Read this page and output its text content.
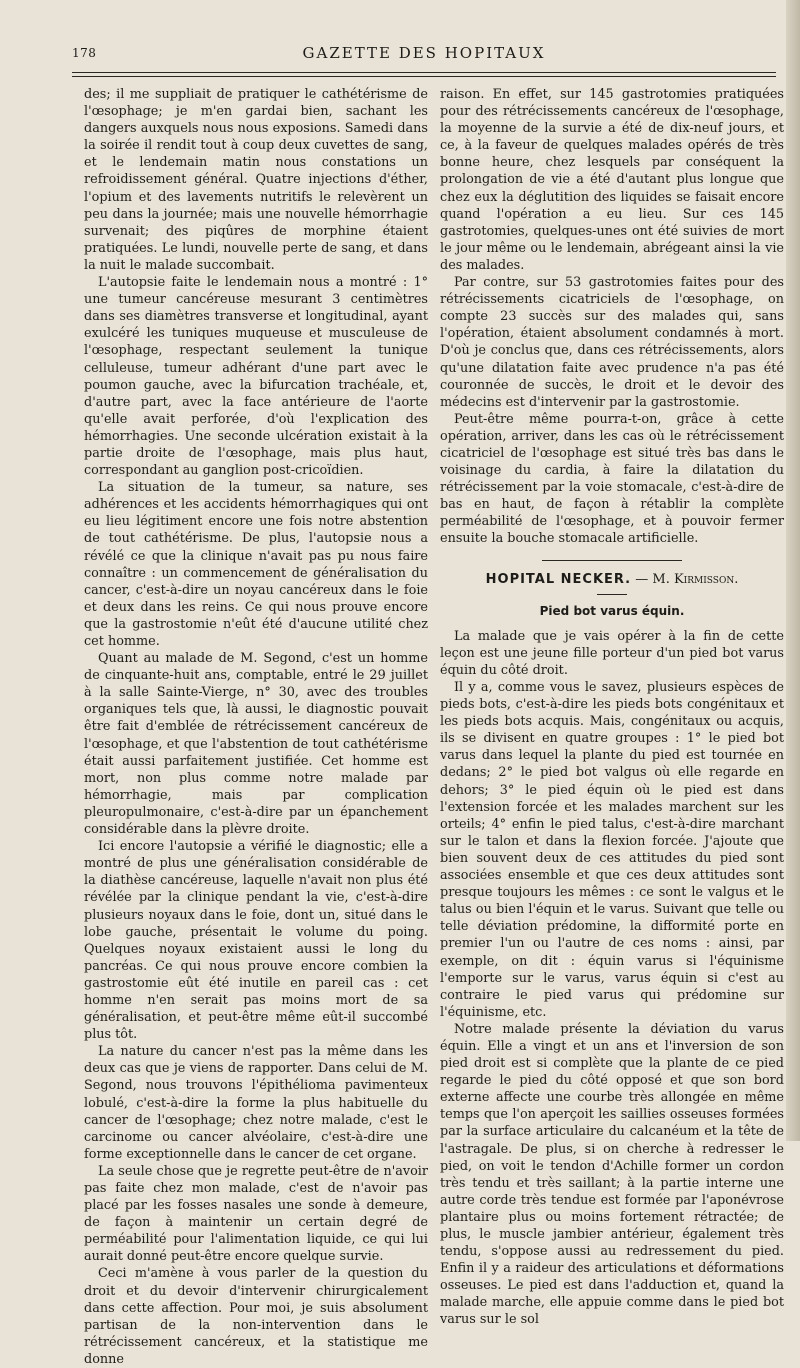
178	GAZETTE DES HOPITAUX

des; il me suppliait de pratiquer le cathétérisme de l'œsophage; je m'en gardai bien, sachant les dangers auxquels nous nous exposions. Samedi dans la soirée il rendit tout à coup deux cuvettes de sang, et le lendemain matin nous constations un refroidissement général. Quatre injections d'éther, l'opium et des lavements nutritifs le relevèrent un peu dans la journée; mais une nouvelle hémorrhagie survenait; des piqûres de morphine étaient pratiquées. Le lundi, nouvelle perte de sang, et dans la nuit le malade succombait.

L'autopsie faite le lendemain nous a montré : 1° une tumeur cancéreuse mesurant 3 centimètres dans ses diamètres transverse et longitudinal, ayant exulcéré les tuniques muqueuse et musculeuse de l'œsophage, respectant seulement la tunique celluleuse, tumeur adhérant d'une part avec le poumon gauche, avec la bifurcation trachéale, et, d'autre part, avec la face antérieure de l'aorte qu'elle avait perforée, d'où l'explication des hémorrhagies. Une seconde ulcération existait à la partie droite de l'œsophage, mais plus haut, correspondant au ganglion post-cricoïdien.

La situation de la tumeur, sa nature, ses adhérences et les accidents hémorrhagiques qui ont eu lieu légitiment encore une fois notre abstention de tout cathétérisme. De plus, l'autopsie nous a révélé ce que la clinique n'avait pas pu nous faire connaître : un commencement de généralisation du cancer, c'est-à-dire un noyau cancéreux dans le foie et deux dans les reins. Ce qui nous prouve encore que la gastrostomie n'eût été d'aucune utilité chez cet homme.

Quant au malade de M. Segond, c'est un homme de cinquante-huit ans, comptable, entré le 29 juillet à la salle Sainte-Vierge, n° 30, avec des troubles organiques tels que, là aussi, le diagnostic pouvait être fait d'emblée de rétrécissement cancéreux de l'œsophage, et que l'abstention de tout cathétérisme était aussi parfaitement justifiée. Cet homme est mort, non plus comme notre malade par hémorrhagie, mais par complication pleuropulmonaire, c'est-à-dire par un épanchement considérable dans la plèvre droite.

Ici encore l'autopsie a vérifié le diagnostic; elle a montré de plus une généralisation considérable de la diathèse cancéreuse, laquelle n'avait non plus été révélée par la clinique pendant la vie, c'est-à-dire plusieurs noyaux dans le foie, dont un, situé dans le lobe gauche, présentait le volume du poing. Quelques noyaux existaient aussi le long du pancréas. Ce qui nous prouve encore combien la gastrostomie eût été inutile en pareil cas : cet homme n'en serait pas moins mort de sa généralisation, et peut-être même eût-il succombé plus tôt.

La nature du cancer n'est pas la même dans les deux cas que je viens de rapporter. Dans celui de M. Segond, nous trouvons l'épithélioma pavimenteux lobulé, c'est-à-dire la forme la plus habituelle du cancer de l'œsophage; chez notre malade, c'est le carcinome ou cancer alvéolaire, c'est-à-dire une forme exceptionnelle dans le cancer de cet organe.

La seule chose que je regrette peut-être de n'avoir pas faite chez mon malade, c'est de n'avoir pas placé par les fosses nasales une sonde à demeure, de façon à maintenir un certain degré de perméabilité pour l'alimentation liquide, ce qui lui aurait donné peut-être encore quelque survie.

Ceci m'amène à vous parler de la question du droit et du devoir d'intervenir chirurgicalement dans cette affection. Pour moi, je suis absolument partisan de la non-intervention dans le rétrécissement cancéreux, et la statistique me donne

raison. En effet, sur 145 gastrotomies pratiquées pour des rétrécissements cancéreux de l'œsophage, la moyenne de la survie a été de dix-neuf jours, et ce, à la faveur de quelques malades opérés de très bonne heure, chez lesquels par conséquent la prolongation de vie a été d'autant plus longue que chez eux la déglutition des liquides se faisait encore quand l'opération a eu lieu. Sur ces 145 gastrotomies, quelques-unes ont été suivies de mort le jour même ou le lendemain, abrégeant ainsi la vie des malades.

Par contre, sur 53 gastrotomies faites pour des rétrécissements cicatriciels de l'œsophage, on compte 23 succès sur des malades qui, sans l'opération, étaient absolument condamnés à mort. D'où je conclus que, dans ces rétrécissements, alors qu'une dilatation faite avec prudence n'a pas été couronnée de succès, le droit et le devoir des médecins est d'intervenir par la gastrostomie.

Peut-être même pourra-t-on, grâce à cette opération, arriver, dans les cas où le rétrécissement cicatriciel de l'œsophage est situé très bas dans le voisinage du cardia, à faire la dilatation du rétrécissement par la voie stomacale, c'est-à-dire de bas en haut, de façon à rétablir la complète perméabilité de l'œsophage, et à pouvoir fermer ensuite la bouche stomacale artificielle.

HOPITAL NECKER. — M. Kirmisson.
Pied bot varus équin.

La malade que je vais opérer à la fin de cette leçon est une jeune fille porteur d'un pied bot varus équin du côté droit.

Il y a, comme vous le savez, plusieurs espèces de pieds bots, c'est-à-dire les pieds bots congénitaux et les pieds bots acquis. Mais, congénitaux ou acquis, ils se divisent en quatre groupes : 1° le pied bot varus dans lequel la plante du pied est tournée en dedans; 2° le pied bot valgus où elle regarde en dehors; 3° le pied équin où le pied est dans l'extension forcée et les malades marchent sur les orteils; 4° enfin le pied talus, c'est-à-dire marchant sur le talon et dans la flexion forcée. J'ajoute que bien souvent deux de ces attitudes du pied sont associées ensemble et que ces deux attitudes sont presque toujours les mêmes : ce sont le valgus et le talus ou bien l'équin et le varus. Suivant que telle ou telle déviation prédomine, la difformité porte en premier l'un ou l'autre de ces noms : ainsi, par exemple, on dit : équin varus si l'équinisme l'emporte sur le varus, varus équin si c'est au contraire le pied varus qui prédomine sur l'équinisme, etc.

Notre malade présente la déviation du varus équin. Elle a vingt et un ans et l'inversion de son pied droit est si complète que la plante de ce pied regarde le pied du côté opposé et que son bord externe affecte une courbe très allongée en même temps que l'on aperçoit les saillies osseuses formées par la surface articulaire du calcanéum et la tête de l'astragale. De plus, si on cherche à redresser le pied, on voit le tendon d'Achille former un cordon très tendu et très saillant; à la partie interne une autre corde très tendue est formée par l'aponévrose plantaire plus ou moins fortement rétractée; de plus, le muscle jambier antérieur, également très tendu, s'oppose aussi au redressement du pied. Enfin il y a raideur des articulations et déformations osseuses. Le pied est dans l'adduction et, quand la malade marche, elle appuie comme dans le pied bot varus sur le sol
